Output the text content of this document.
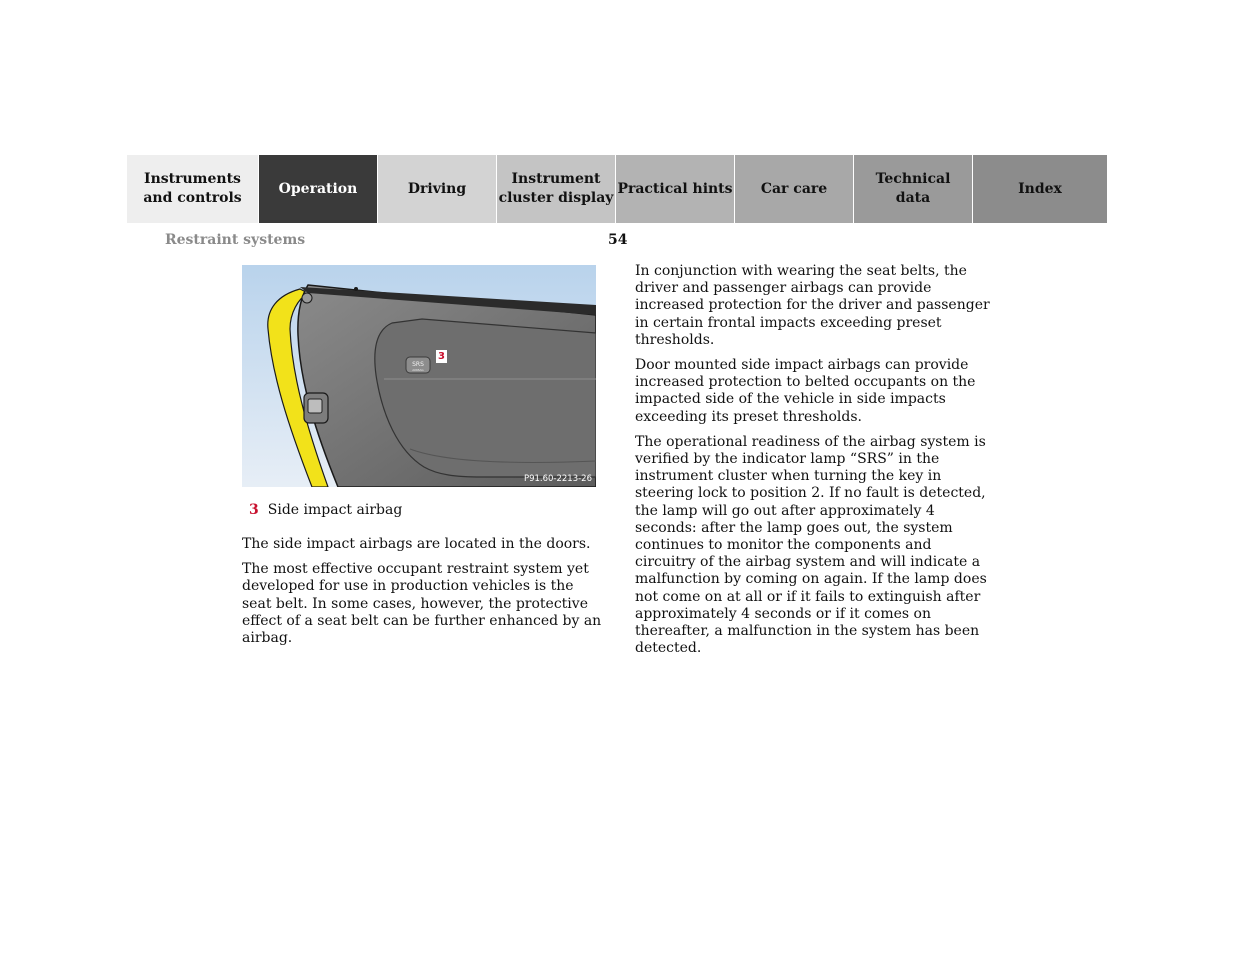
Instruments
and controls
Operation	Driving
Instrument
cluster display
Practical hints Car care
Technical
data
Index
Restraint systems	54
SRS
AIRBAG
3
P91.60-2213-26
3 Side impact airbag

The side impact airbags are located in the doors.

The most effective occupant restraint system yet developed for use in production vehicles is the seat belt. In some cases, however, the protective effect of a seat belt can be further enhanced by an airbag.

In conjunction with wearing the seat belts, the driver and passenger airbags can provide increased protection for the driver and passenger in certain frontal impacts exceeding preset thresholds.

Door mounted side impact airbags can provide increased protection to belted occupants on the impacted side of the vehicle in side impacts exceeding its preset thresholds.

The operational readiness of the airbag system is verified by the indicator lamp “SRS” in the instrument cluster when turning the key in steering lock to position 2. If no fault is detected, the lamp will go out after approximately 4 seconds: after the lamp goes out, the system continues to monitor the components and circuitry of the airbag system and will indicate a malfunction by coming on again. If the lamp does not come on at all or if it fails to extinguish after approximately 4 seconds or if it comes on thereafter, a malfunction in the system has been detected.
